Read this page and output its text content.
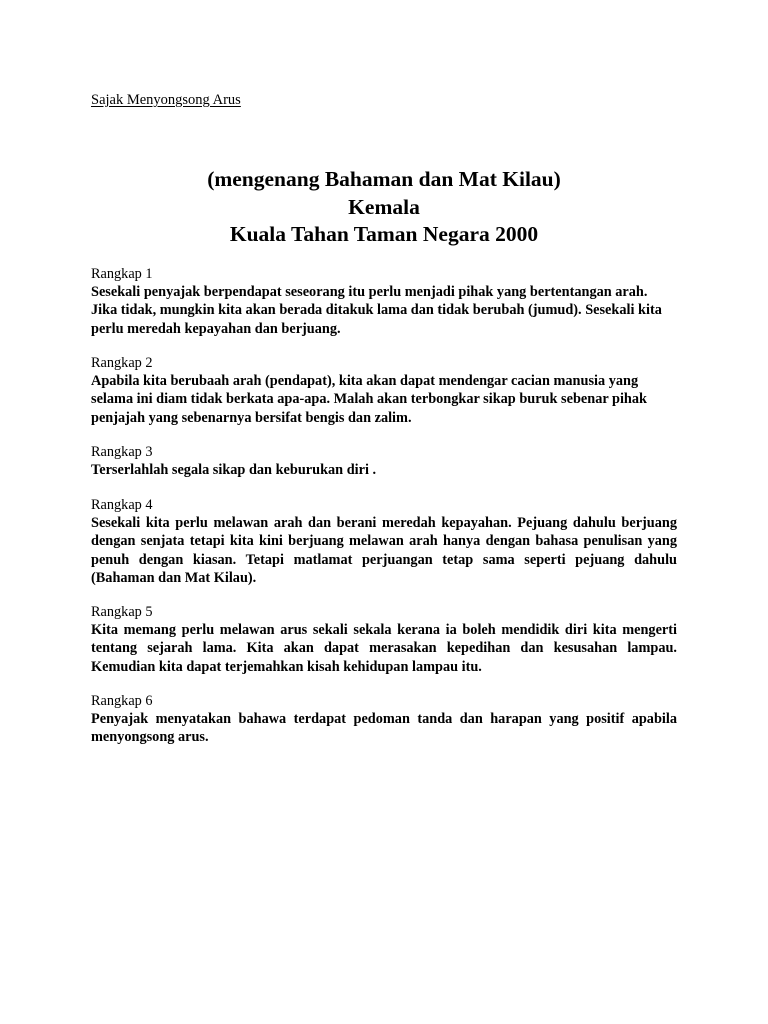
Sajak Menyongsong Arus
(mengenang Bahaman dan Mat Kilau)
Kemala
Kuala Tahan Taman Negara 2000
Rangkap 1
Sesekali penyajak berpendapat seseorang itu perlu menjadi pihak yang bertentangan arah. Jika tidak, mungkin kita akan berada ditakuk lama dan tidak berubah (jumud). Sesekali kita perlu meredah kepayahan dan berjuang.
Rangkap 2
Apabila kita berubaah arah (pendapat), kita akan dapat mendengar cacian manusia yang selama ini diam tidak berkata apa-apa. Malah akan terbongkar sikap buruk sebenar pihak penjajah yang sebenarnya bersifat bengis dan zalim.
Rangkap 3
Terserlahlah segala sikap dan keburukan diri .
Rangkap 4
Sesekali kita perlu melawan arah dan berani meredah kepayahan. Pejuang dahulu berjuang dengan senjata tetapi kita kini berjuang melawan arah hanya dengan bahasa penulisan yang penuh dengan kiasan. Tetapi matlamat perjuangan tetap sama seperti pejuang dahulu (Bahaman dan Mat Kilau).
Rangkap 5
Kita memang perlu melawan arus sekali sekala kerana ia boleh mendidik diri kita mengerti tentang sejarah lama. Kita akan dapat merasakan kepedihan dan kesusahan lampau. Kemudian kita dapat terjemahkan kisah kehidupan lampau itu.
Rangkap 6
Penyajak menyatakan bahawa terdapat pedoman tanda dan harapan yang positif apabila menyongsong arus.
